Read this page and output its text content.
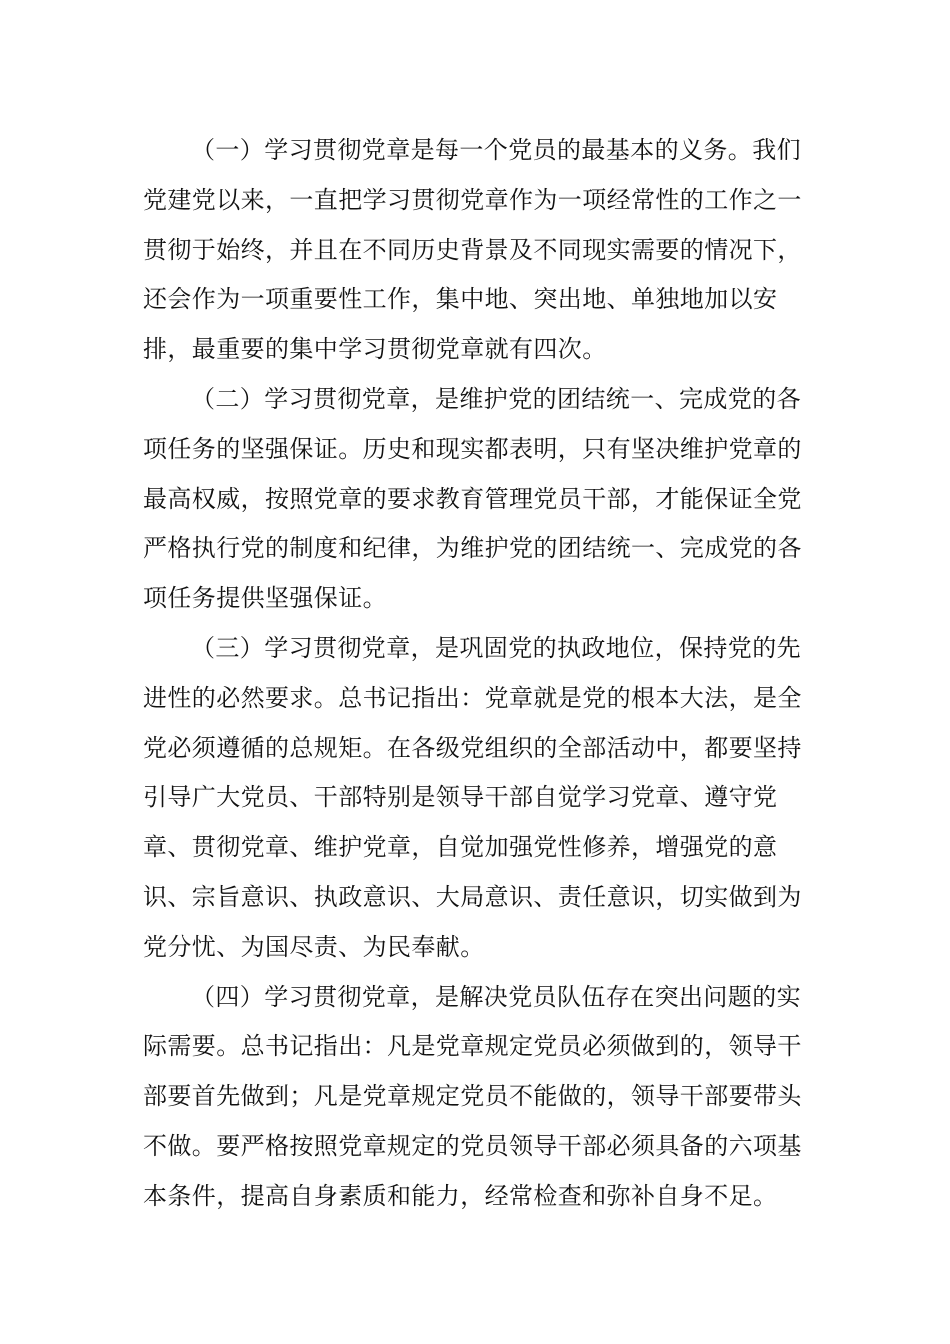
（一）学习贯彻党章是每一个党员的最基本的义务。我们党建党以来，一直把学习贯彻党章作为一项经常性的工作之一贯彻于始终，并且在不同历史背景及不同现实需要的情况下，还会作为一项重要性工作，集中地、突出地、单独地加以安排，最重要的集中学习贯彻党章就有四次。

（二）学习贯彻党章，是维护党的团结统一、完成党的各项任务的坚强保证。历史和现实都表明，只有坚决维护党章的最高权威，按照党章的要求教育管理党员干部，才能保证全党严格执行党的制度和纪律，为维护党的团结统一、完成党的各项任务提供坚强保证。

（三）学习贯彻党章，是巩固党的执政地位，保持党的先进性的必然要求。总书记指出：党章就是党的根本大法，是全党必须遵循的总规矩。在各级党组织的全部活动中，都要坚持引导广大党员、干部特别是领导干部自觉学习党章、遵守党章、贯彻党章、维护党章，自觉加强党性修养，增强党的意识、宗旨意识、执政意识、大局意识、责任意识，切实做到为党分忧、为国尽责、为民奉献。

（四）学习贯彻党章，是解决党员队伍存在突出问题的实际需要。总书记指出：凡是党章规定党员必须做到的，领导干部要首先做到；凡是党章规定党员不能做的，领导干部要带头不做。要严格按照党章规定的党员领导干部必须具备的六项基本条件，提高自身素质和能力，经常检查和弥补自身不足。
